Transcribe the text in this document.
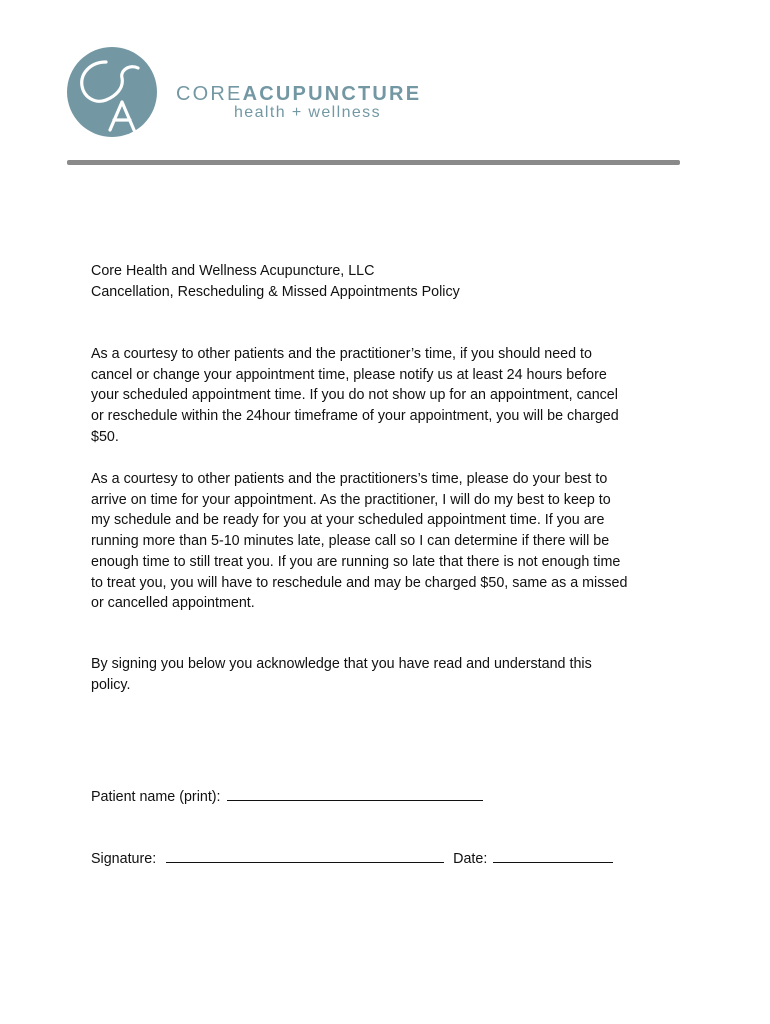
COREACUPUNCTURE
health + wellness

Core Health and Wellness Acupuncture, LLC

Cancellation, Rescheduling & Missed Appointments Policy

As a courtesy to other patients and the practitioner’s time, if you should need to
cancel or change your appointment time, please notify us at least 24 hours before
your scheduled appointment time. If you do not show up for an appointment, cancel
or reschedule within the 24hour timeframe of your appointment, you will be charged
$50.
As a courtesy to other patients and the practitioners’s time, please do your best to
arrive on time for your appointment. As the practitioner, I will do my best to keep to
my schedule and be ready for you at your scheduled appointment time. If you are
running more than 5-10 minutes late, please call so I can determine if there will be
enough time to still treat you. If you are running so late that there is not enough time
to treat you, you will have to reschedule and may be charged $50, same as a missed
or cancelled appointment.
By signing you below you acknowledge that you have read and understand this
policy.
Patient name (print):
Signature:	Date:
